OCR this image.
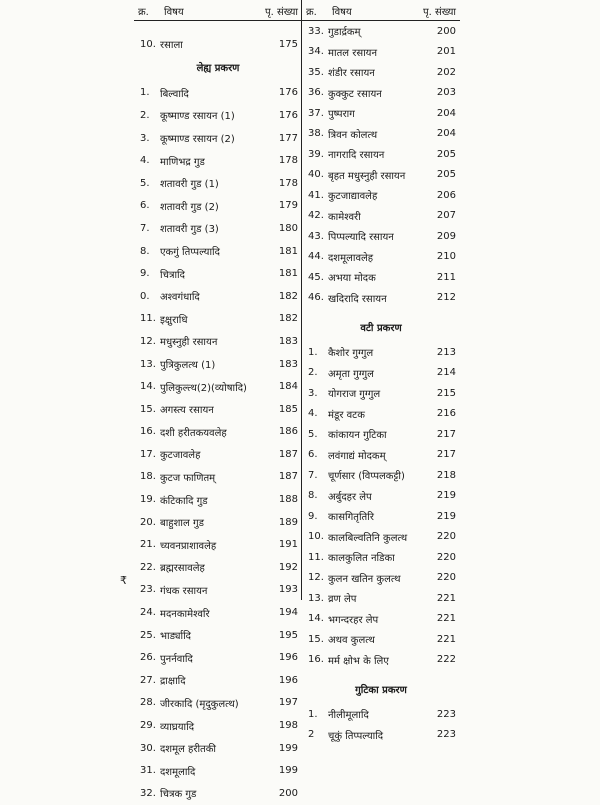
₹
क्र.	विषय	पृ. संख्या
10. रसाला	175
लेह्य प्रकरण
1.	बिल्वादि	176
2.	कूष्माण्ड रसायन (1)	176
3.	कूष्माण्ड रसायन (2)	177
4.	माणिभद्र गुड	178
5.	शतावरी गुड (1)	178
6.	शतावरी गुड (2)	179
7.	शतावरी गुड (3)	180
8.	एकगुं तिप्पल्यादि	181
9.	चित्रादि	181
0.	अश्वगंधादि	182
11. इक्षुराधि	182
12. मधुस्नुही रसायन	183
13. पुत्रिकुलत्थ (1)	183
14. पुलिकुल्त्थ(2)(व्योषादि)	184
15. अगस्त्य रसायन	185
16. दशी हरीतकयवलेह	186
17. कुटजावलेह	187
18. कुटज फाणितम्	187
19. कंटिकादि गुड	188
20. बाहुशाल गुड	189
21. च्यवनप्राशावलेह	191
22. ब्रह्मरसावलेह	192
23. गंधक रसायन	193
24. मदनकामेश्वरि	194
25. भार्ड्यादि	195
26. पुनर्नवादि	196
27. द्राक्षादि	196
28. जीरकादि (मृदुकुलत्थ)	197
29. व्याघ्रयादि	198
30. दशमूल हरीतकी	199
31. दशमूलादि	199
32. चित्रक गुड	200
क्र.	विषय	पृ. संख्या
33. गुडार्द्रकम्	200
34. मातल रसायन	201
35. शंडीर रसायन	202
36. कुक्कुट रसायन	203
37. पुष्पराग	204
38. त्रिवन कोलत्थ	204
39. नागरादि रसायन	205
40. बृहत मधुस्नुही रसायन	205
41. कुटजाद्यावलेह	206
42. कामेश्वरी	207
43. पिप्पल्यादि रसायन	209
44. दशमूलावलेह	210
45. अभया मोदक	211
46. खदिरादि रसायन	212
वटी प्रकरण
1.	कैशोर गुग्गुल	213
2.	अमृता गुग्गुल	214
3.	योगराज गुग्गुल	215
4.	मंडूर वटक	216
5.	कांकायन गुटिका	217
6.	लवंगाद्यं मोदकम्	217
7.	चूर्णसार (विप्पलकट्टी)	218
8.	अर्बुदहर लेप	219
9.	कासगितृतिरि	219
10. कालबिल्वतिनि कुलत्थ	220
11. कालकुलित नडिका	220
12. कुलन खतिन कुलत्थ	220
13. व्रण लेप	221
14. भगन्दरहर लेप	221
15. अथव कुलत्थ	221
16. मर्म क्षोभ के लिए	222
गुटिका प्रकरण
1.	नीलीमूलादि	223
2	चूकुं तिप्पल्यादि	223
